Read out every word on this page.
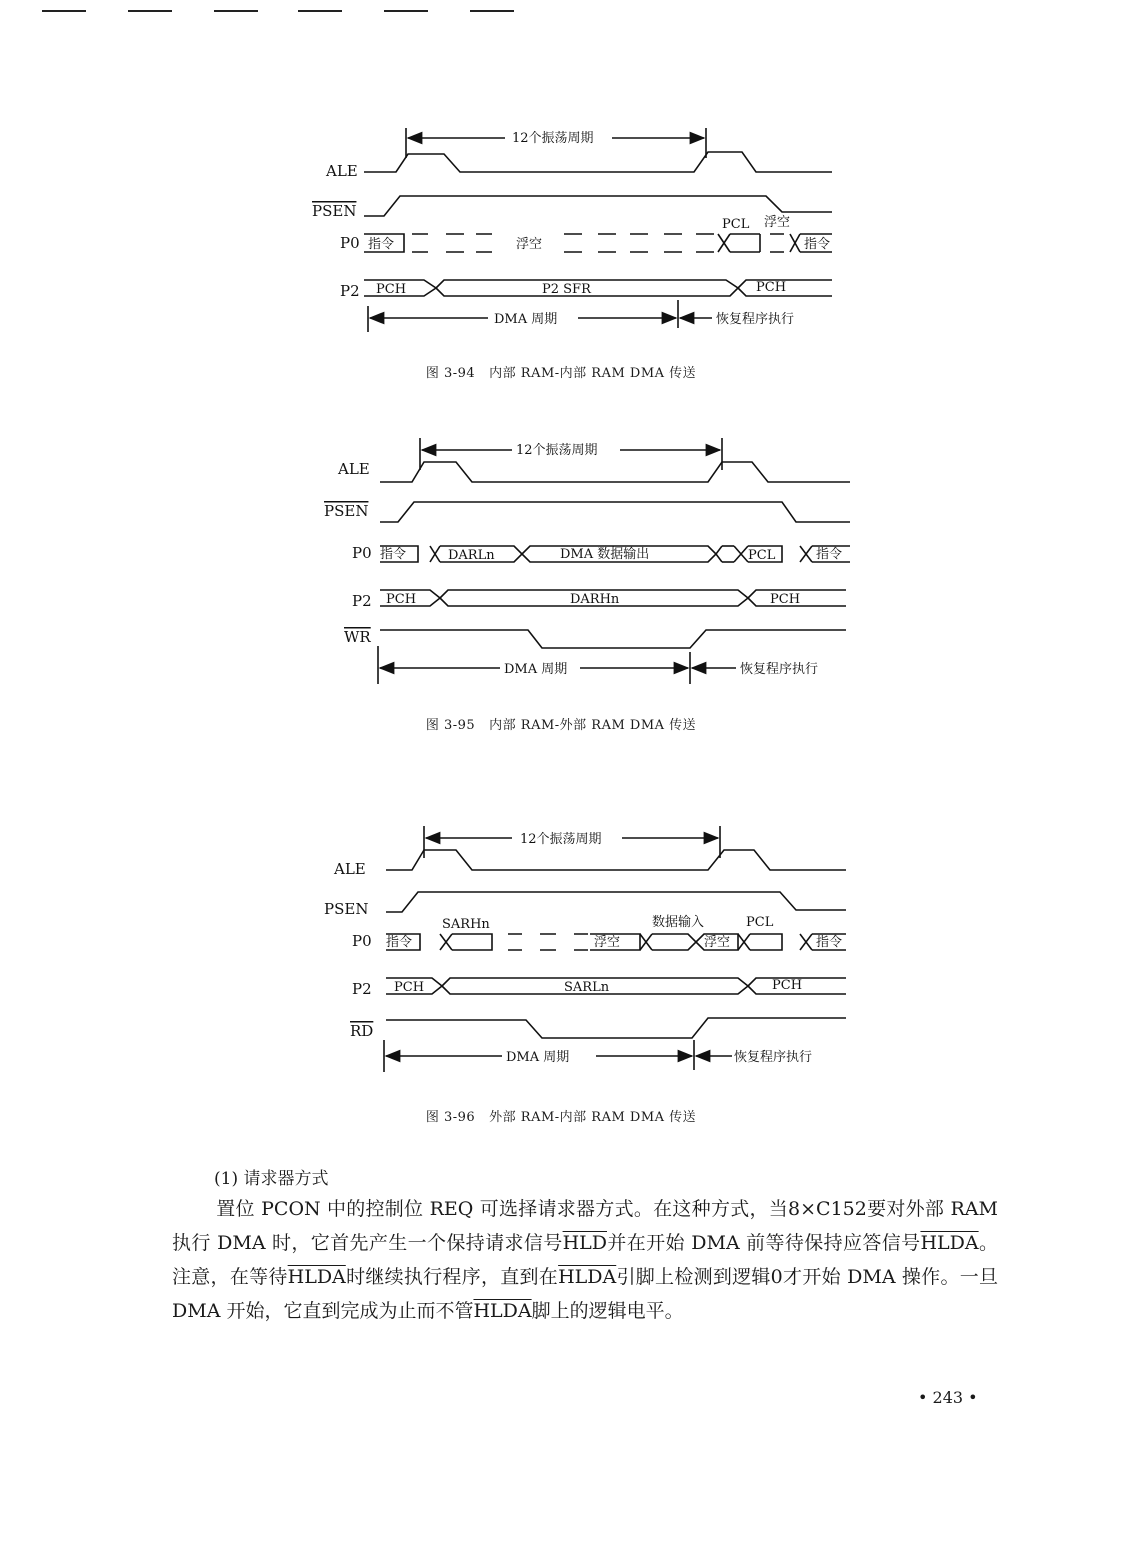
12个振荡周期
ALE
PSEN
P0
P2
指令	浮空
PCL 浮空
指令
PCH	P2 SFR	PCH
DMA 周期	恢复程序执行
图 3-94 内部 RAM-内部 RAM DMA 传送
12个振荡周期
ALE
PSEN
P0
P2
WR
指令	DARLn	DMA 数据输出	PCL	指令
PCH	DARHn	PCH
DMA 周期	恢复程序执行
图 3-95 内部 RAM-外部 RAM DMA 传送
12个振荡周期
ALE
PSEN
P0
P2
RD
指令
SARHn
浮空
数据输入
浮空
PCL
指令
PCH	SARLn	PCH
DMA 周期	恢复程序执行
图 3-96 外部 RAM-内部 RAM DMA 传送
(1) 请求器方式
置位 PCON 中的控制位 REQ 可选择请求器方式。在这种方式，当8×C152要对外部 RAM 执行 DMA 时，它首先产生一个保持请求信号$\overline{HLD}$并在开始 DMA 前等待保持应答信号HLDA。注意，在等待HLDA时继续执行程序，直到在HLDA引脚上检测到逻辑0才开始 DMA 操作。一旦 DMA 开始，它直到完成为止而不管HLDA脚上的逻辑电平。
• 243 •
